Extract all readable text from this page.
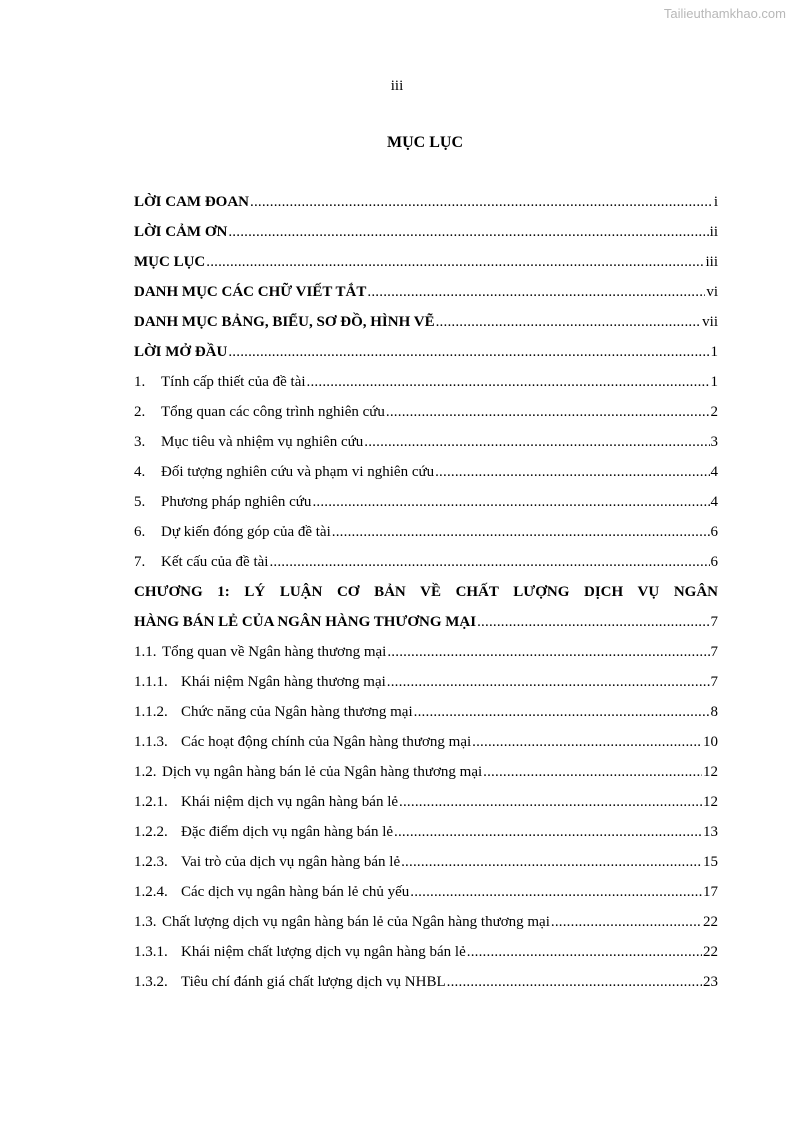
Tailieuthamkhao.com
iii
MỤC LỤC
LỜI CAM ĐOAN .....	i
LỜI CẢM ƠN .....	ii
MỤC LỤC .....	iii
DANH MỤC CÁC CHỮ VIẾT TẮT .....	vi
DANH MỤC BẢNG, BIỂU, SƠ ĐỒ, HÌNH VẼ .....	vii
LỜI MỞ ĐẦU .....	1
1. Tính cấp thiết của đề tài .....	1
2. Tổng quan các công trình nghiên cứu .....	2
3. Mục tiêu và nhiệm vụ nghiên cứu .....	3
4. Đối tượng nghiên cứu và phạm vi nghiên cứu .....	4
5. Phương pháp nghiên cứu .....	4
6. Dự kiến đóng góp của đề tài .....	6
7. Kết cấu của đề tài .....	6
CHƯƠNG 1: LÝ LUẬN CƠ BẢN VỀ CHẤT LƯỢNG DỊCH VỤ NGÂN
HÀNG BÁN LẺ CỦA NGÂN HÀNG THƯƠNG MẠI .....	7
1.1. Tổng quan về Ngân hàng thương mại .....	7
1.1.1. Khái niệm Ngân hàng thương mại .....	7
1.1.2. Chức năng của Ngân hàng thương mại .....	8
1.1.3. Các hoạt động chính của Ngân hàng thương mại .....	10
1.2. Dịch vụ ngân hàng bán lẻ của Ngân hàng thương mại .....	12
1.2.1. Khái niệm dịch vụ ngân hàng bán lẻ .....	12
1.2.2. Đặc điểm dịch vụ ngân hàng bán lẻ .....	13
1.2.3. Vai trò của dịch vụ ngân hàng bán lẻ .....	15
1.2.4. Các dịch vụ ngân hàng bán lẻ chủ yếu .....	17
1.3. Chất lượng dịch vụ ngân hàng bán lẻ của Ngân hàng thương mại .....	22
1.3.1. Khái niệm chất lượng dịch vụ ngân hàng bán lẻ .....	22
1.3.2. Tiêu chí đánh giá chất lượng dịch vụ NHBL .....	23
